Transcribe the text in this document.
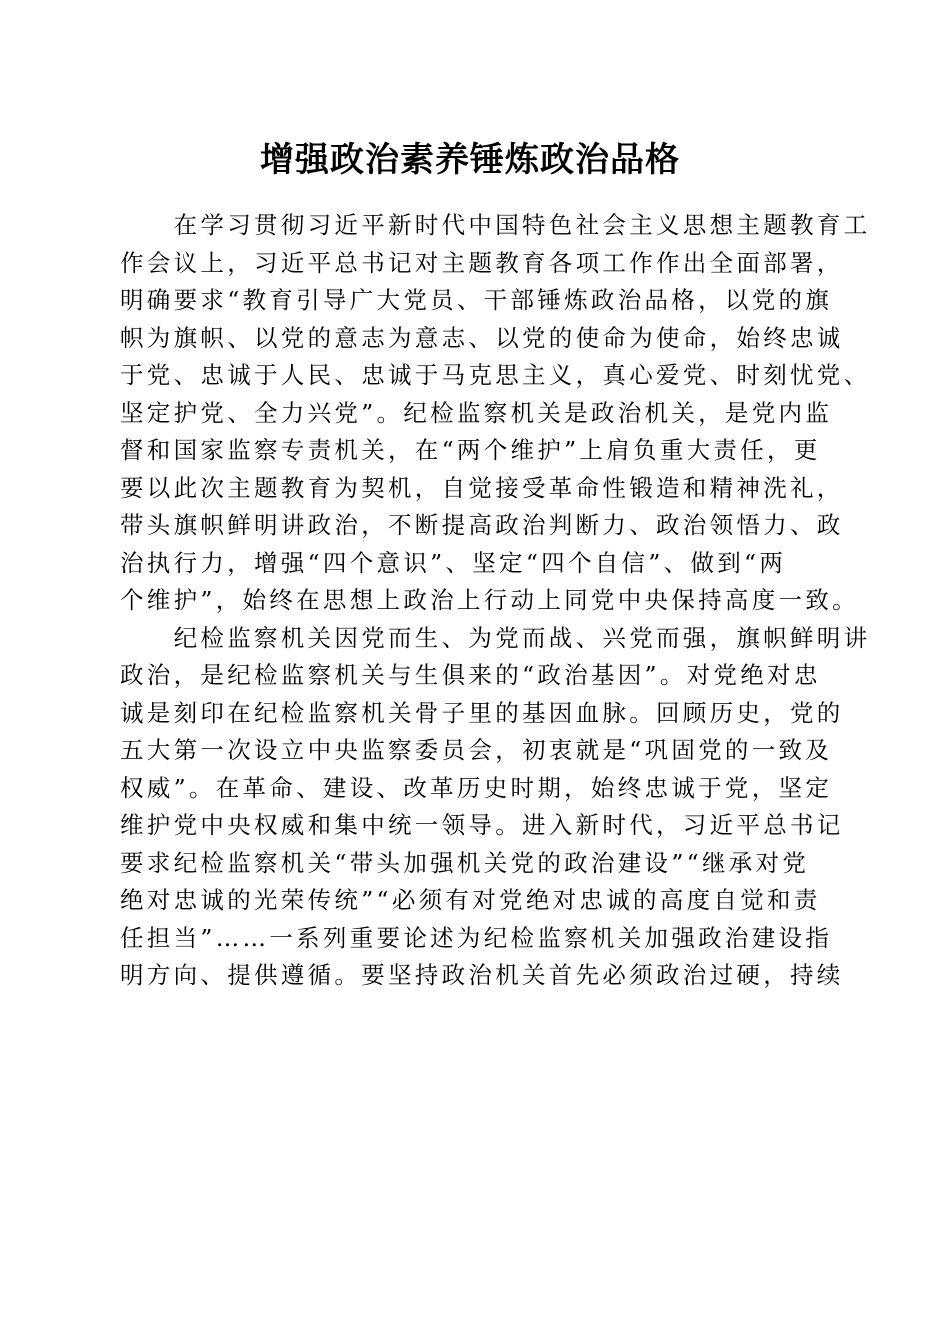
增强政治素养锤炼政治品格
　　在学习贯彻习近平新时代中国特色社会主义思想主题教育工
作会议上，习近平总书记对主题教育各项工作作出全面部署，
明确要求“教育引导广大党员、干部锤炼政治品格，以党的旗
帜为旗帜、以党的意志为意志、以党的使命为使命，始终忠诚
于党、忠诚于人民、忠诚于马克思主义，真心爱党、时刻忧党、
坚定护党、全力兴党”。纪检监察机关是政治机关，是党内监
督和国家监察专责机关，在“两个维护”上肩负重大责任，更
要以此次主题教育为契机，自觉接受革命性锻造和精神洗礼，
带头旗帜鲜明讲政治，不断提高政治判断力、政治领悟力、政
治执行力，增强“四个意识”、坚定“四个自信”、做到“两
个维护”，始终在思想上政治上行动上同党中央保持高度一致。
　　纪检监察机关因党而生、为党而战、兴党而强，旗帜鲜明讲
政治，是纪检监察机关与生俱来的“政治基因”。对党绝对忠
诚是刻印在纪检监察机关骨子里的基因血脉。回顾历史，党的
五大第一次设立中央监察委员会，初衷就是“巩固党的一致及
权威”。在革命、建设、改革历史时期，始终忠诚于党，坚定
维护党中央权威和集中统一领导。进入新时代，习近平总书记
要求纪检监察机关“带头加强机关党的政治建设”“继承对党
绝对忠诚的光荣传统”“必须有对党绝对忠诚的高度自觉和责
任担当”……一系列重要论述为纪检监察机关加强政治建设指
明方向、提供遵循。要坚持政治机关首先必须政治过硬，持续
